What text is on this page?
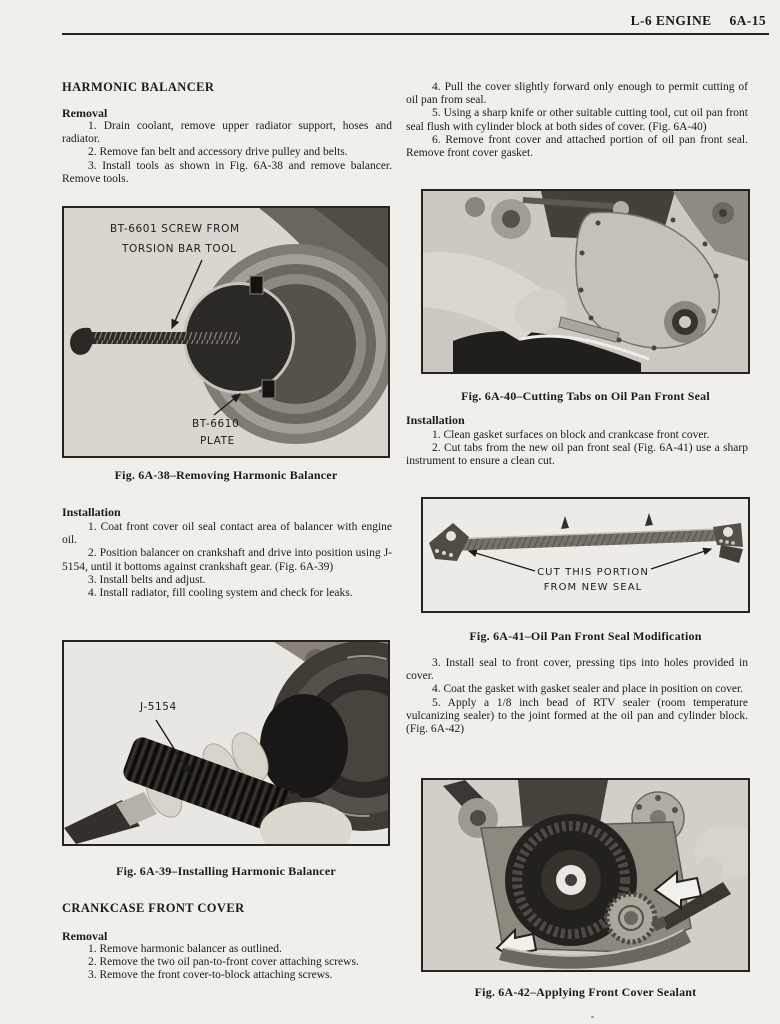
L-6 ENGINE 6A-15
HARMONIC BALANCER
Removal

1. Drain coolant, remove upper radiator support, hoses and radiator.

2. Remove fan belt and accessory drive pulley and belts.

3. Install tools as shown in Fig. 6A-38 and remove balancer. Remove tools.

BT-6601 SCREW FROM
TORSION BAR TOOL
BT-6610
PLATE
Fig. 6A-38–Removing Harmonic Balancer
Installation

1. Coat front cover oil seal contact area of balancer with engine oil.

2. Position balancer on crankshaft and drive into position using J-5154, until it bottoms against crankshaft gear. (Fig. 6A-39)

3. Install belts and adjust.

4. Install radiator, fill cooling system and check for leaks.

J-5154
Fig. 6A-39–Installing Harmonic Balancer
CRANKCASE FRONT COVER
Removal

1. Remove harmonic balancer as outlined.

2. Remove the two oil pan-to-front cover attaching screws.

3. Remove the front cover-to-block attaching screws.

4. Pull the cover slightly forward only enough to permit cutting of oil pan from seal.

5. Using a sharp knife or other suitable cutting tool, cut oil pan front seal flush with cylinder block at both sides of cover. (Fig. 6A-40)

6. Remove front cover and attached portion of oil pan front seal. Remove front cover gasket.

Fig. 6A-40–Cutting Tabs on Oil Pan Front Seal
Installation

1. Clean gasket surfaces on block and crankcase front cover.

2. Cut tabs from the new oil pan front seal (Fig. 6A-41) use a sharp instrument to ensure a clean cut.

CUT THIS PORTION
FROM NEW SEAL
Fig. 6A-41–Oil Pan Front Seal Modification

3. Install seal to front cover, pressing tips into holes provided in cover.

4. Coat the gasket with gasket sealer and place in position on cover.

5. Apply a 1/8 inch bead of RTV sealer (room temperature vulcanizing sealer) to the joint formed at the oil pan and cylinder block. (Fig. 6A-42)

Fig. 6A-42–Applying Front Cover Sealant
